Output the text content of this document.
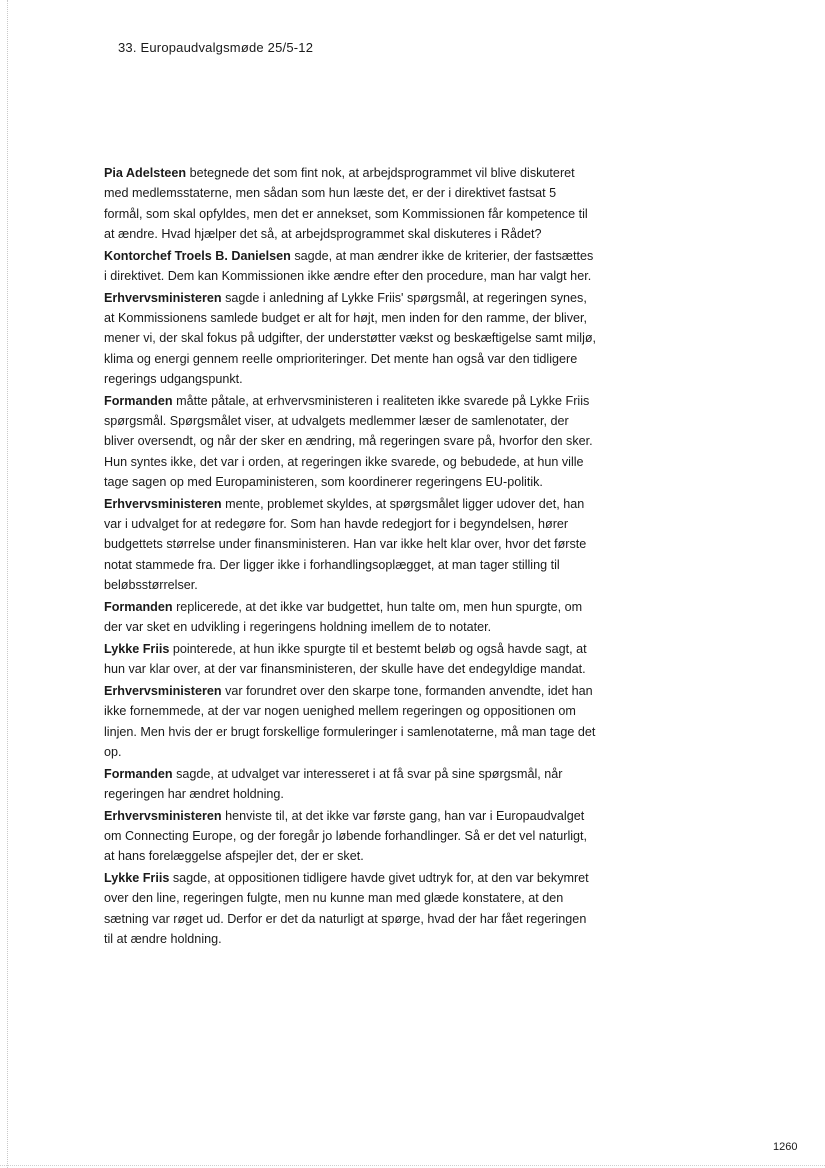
33. Europaudvalgsmøde 25/5-12

Pia Adelsteen betegnede det som fint nok, at arbejdsprogrammet vil blive diskuteret med medlemsstaterne, men sådan som hun læste det, er der i direktivet fastsat 5 formål, som skal opfyldes, men det er annekset, som Kommissionen får kompetence til at ændre. Hvad hjælper det så, at arbejdsprogrammet skal diskuteres i Rådet?

Kontorchef Troels B. Danielsen sagde, at man ændrer ikke de kriterier, der fastsættes i direktivet. Dem kan Kommissionen ikke ændre efter den procedure, man har valgt her.

Erhvervsministeren sagde i anledning af Lykke Friis' spørgsmål, at regeringen synes, at Kommissionens samlede budget er alt for højt, men inden for den ramme, der bliver, mener vi, der skal fokus på udgifter, der understøtter vækst og beskæftigelse samt miljø, klima og energi gennem reelle omprioriteringer. Det mente han også var den tidligere regerings udgangspunkt.

Formanden måtte påtale, at erhvervsministeren i realiteten ikke svarede på Lykke Friis spørgsmål. Spørgsmålet viser, at udvalgets medlemmer læser de samlenotater, der bliver oversendt, og når der sker en ændring, må regeringen svare på, hvorfor den sker. Hun syntes ikke, det var i orden, at regeringen ikke svarede, og bebudede, at hun ville tage sagen op med Europaministeren, som koordinerer regeringens EU-politik.

Erhvervsministeren mente, problemet skyldes, at spørgsmålet ligger udover det, han var i udvalget for at redegøre for. Som han havde redegjort for i begyndelsen, hører budgettets størrelse under finansministeren. Han var ikke helt klar over, hvor det første notat stammede fra. Der ligger ikke i forhandlingsoplægget, at man tager stilling til beløbsstørrelser.

Formanden replicerede, at det ikke var budgettet, hun talte om, men hun spurgte, om der var sket en udvikling i regeringens holdning imellem de to notater.

Lykke Friis pointerede, at hun ikke spurgte til et bestemt beløb og også havde sagt, at hun var klar over, at der var finansministeren, der skulle have det endegyldige mandat.

Erhvervsministeren var forundret over den skarpe tone, formanden anvendte, idet han ikke fornemmede, at der var nogen uenighed mellem regeringen og oppositionen om linjen. Men hvis der er brugt forskellige formuleringer i samlenotaterne, må man tage det op.

Formanden sagde, at udvalget var interesseret i at få svar på sine spørgsmål, når regeringen har ændret holdning.

Erhvervsministeren henviste til, at det ikke var første gang, han var i Europaudvalget om Connecting Europe, og der foregår jo løbende forhandlinger. Så er det vel naturligt, at hans forelæggelse afspejler det, der er sket.

Lykke Friis sagde, at oppositionen tidligere havde givet udtryk for, at den var bekymret over den line, regeringen fulgte, men nu kunne man med glæde konstatere, at den sætning var røget ud. Derfor er det da naturligt at spørge, hvad der har fået regeringen til at ændre holdning.

1260
